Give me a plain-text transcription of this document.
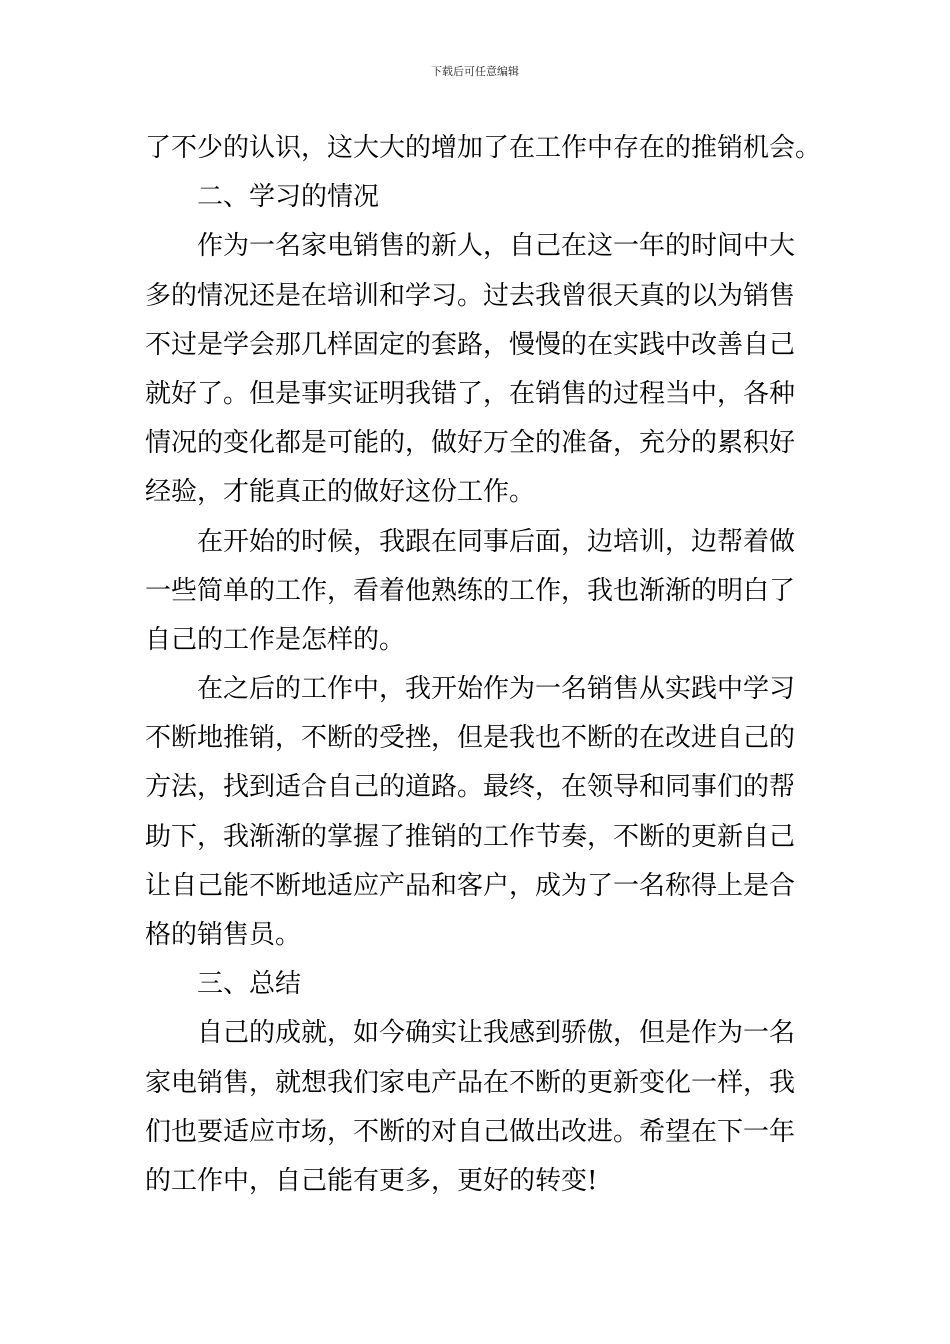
下载后可任意编辑
了不少的认识，这大大的增加了在工作中存在的推销机会。
二、学习的情况
作为一名家电销售的新人，自己在这一年的时间中大
多的情况还是在培训和学习。过去我曾很天真的以为销售
不过是学会那几样固定的套路，慢慢的在实践中改善自己
就好了。但是事实证明我错了，在销售的过程当中，各种
情况的变化都是可能的，做好万全的准备，充分的累积好
经验，才能真正的做好这份工作。
在开始的时候，我跟在同事后面，边培训，边帮着做
一些简单的工作，看着他熟练的工作，我也渐渐的明白了
自己的工作是怎样的。
在之后的工作中，我开始作为一名销售从实践中学习
不断地推销，不断的受挫，但是我也不断的在改进自己的
方法，找到适合自己的道路。最终，在领导和同事们的帮
助下，我渐渐的掌握了推销的工作节奏，不断的更新自己
让自己能不断地适应产品和客户，成为了一名称得上是合
格的销售员。
三、总结
自己的成就，如今确实让我感到骄傲，但是作为一名
家电销售，就想我们家电产品在不断的更新变化一样，我
们也要适应市场，不断的对自己做出改进。希望在下一年
的工作中，自己能有更多，更好的转变!
